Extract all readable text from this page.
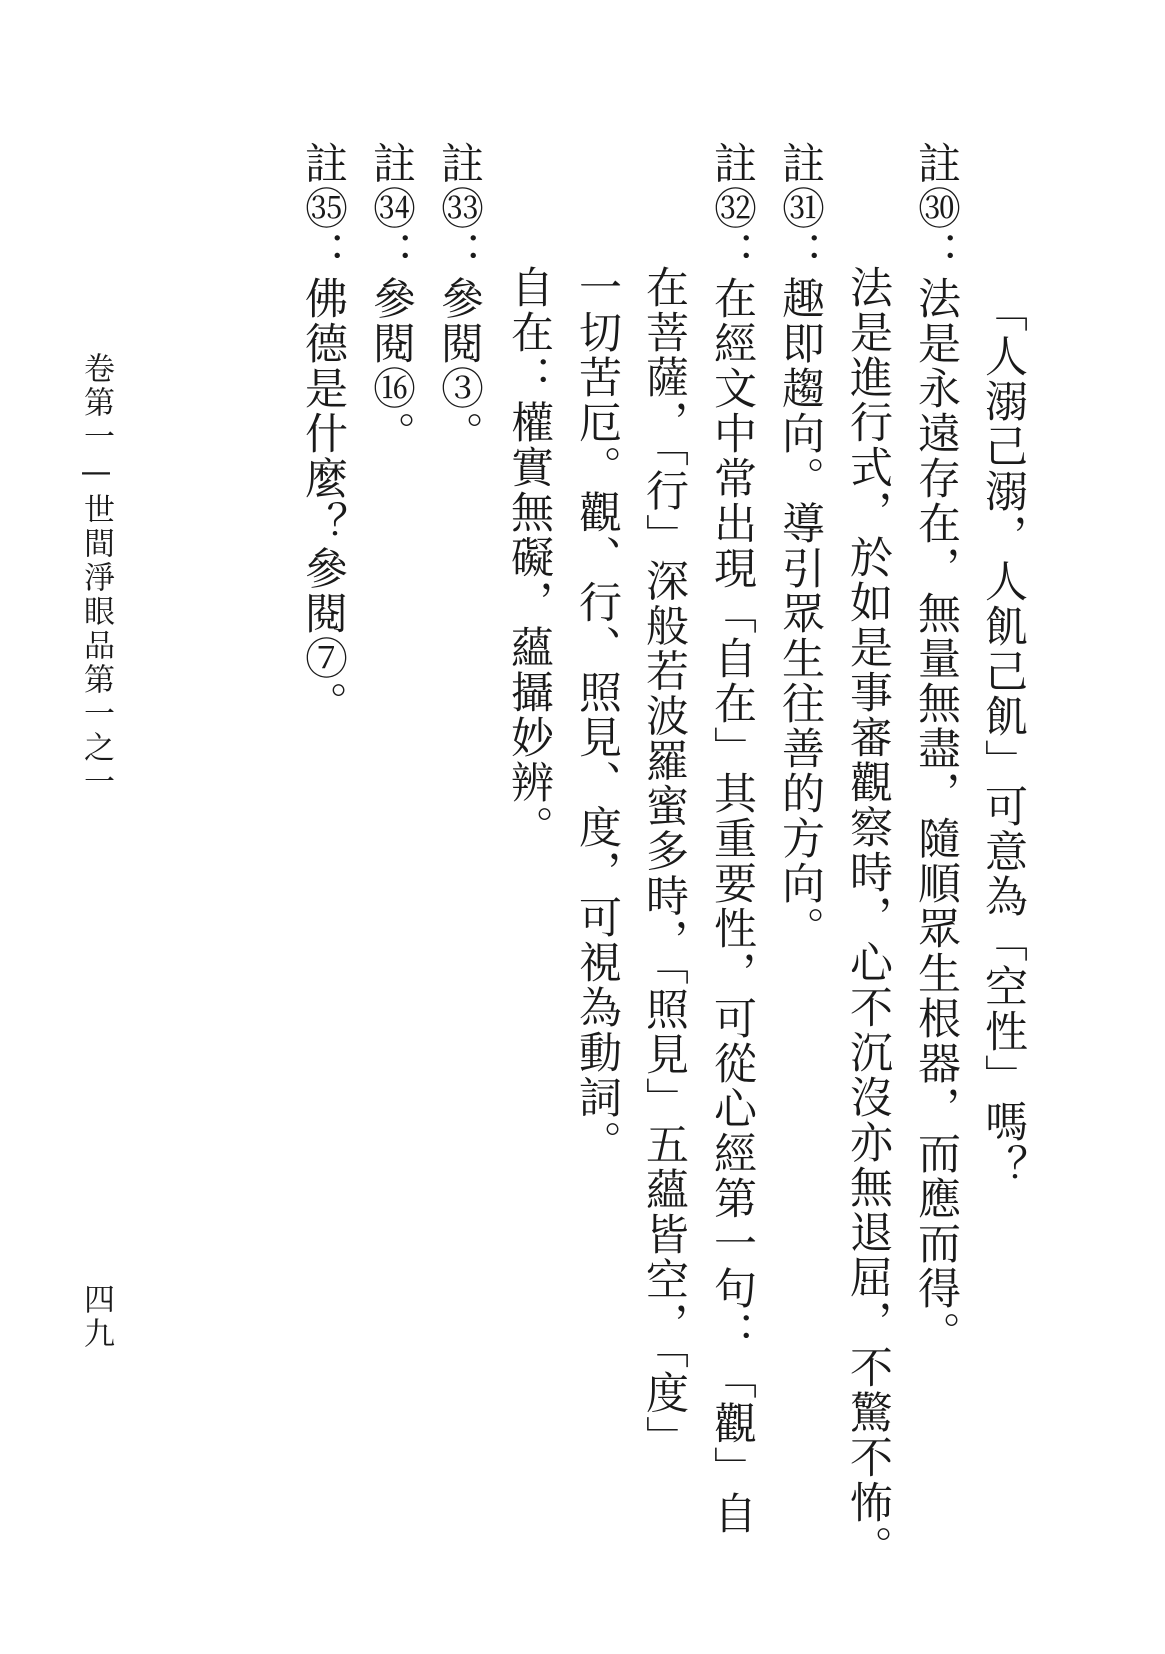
「人溺己溺，人飢己飢」可意為「空性」嗎？
註㉚：法是永遠存在，無量無盡，隨順眾生根器，而應而得。
法是進行式，於如是事審觀察時，心不沉沒亦無退屈，不驚不怖。
註㉛：趣即趨向。導引眾生往善的方向。
註㉜：在經文中常出現「自在」其重要性，可從心經第一句：「觀」自
在菩薩，「行」深般若波羅蜜多時，「照見」五蘊皆空，「度」
一切苦厄。觀、行、照見、度，可視為動詞。
自在：權實無礙，蘊攝妙辨。
註㉝：參閱③。
註㉞：參閱⑯。
註㉟：佛德是什麼？參閱⑦。
卷第一—世間淨眼品第一之一
四九
